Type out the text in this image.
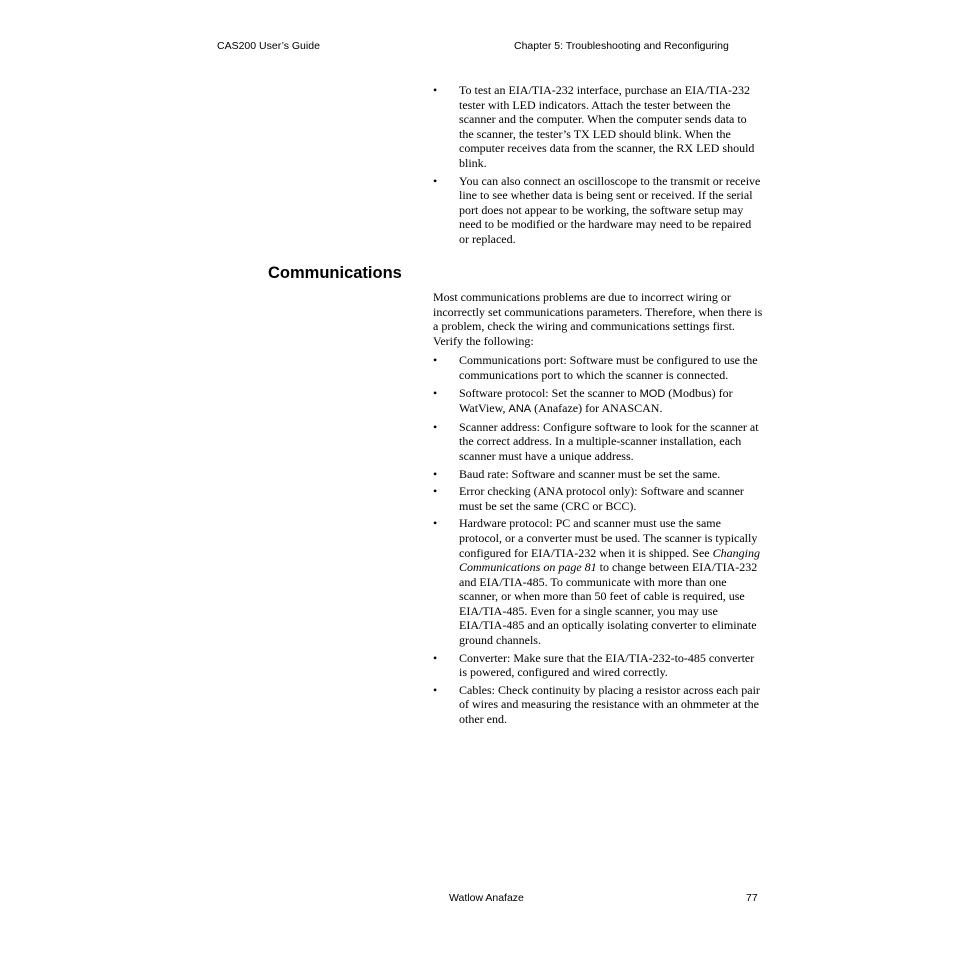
CAS200 User’s Guide	Chapter 5: Troubleshooting and Reconfiguring
• To test an EIA/TIA-232 interface, purchase an EIA/TIA-232 tester with LED indicators. Attach the tester between the scanner and the computer. When the computer sends data to the scanner, the tester’s TX LED should blink. When the computer receives data from the scanner, the RX LED should blink.
• You can also connect an oscilloscope to the transmit or receive line to see whether data is being sent or received. If the serial port does not appear to be working, the software setup may need to be modified or the hardware may need to be repaired or replaced.
Communications
Most communications problems are due to incorrect wiring or incorrectly set communications parameters. Therefore, when there is a problem, check the wiring and communications settings first. Verify the following:
• Communications port: Software must be configured to use the communications port to which the scanner is connected.
• Software protocol: Set the scanner to MOD (Modbus) for WatView, ANA (Anafaze) for ANASCAN.
• Scanner address: Configure software to look for the scanner at the correct address. In a multiple-scanner installation, each scanner must have a unique address.
• Baud rate: Software and scanner must be set the same.
• Error checking (ANA protocol only): Software and scanner must be set the same (CRC or BCC).
• Hardware protocol: PC and scanner must use the same protocol, or a converter must be used. The scanner is typically configured for EIA/TIA-232 when it is shipped. See Changing Communications on page 81 to change between EIA/TIA-232 and EIA/TIA-485. To communicate with more than one scanner, or when more than 50 feet of cable is required, use EIA/TIA-485. Even for a single scanner, you may use EIA/TIA-485 and an optically isolating converter to eliminate ground channels.
• Converter: Make sure that the EIA/TIA-232-to-485 converter is powered, configured and wired correctly.
• Cables: Check continuity by placing a resistor across each pair of wires and measuring the resistance with an ohmmeter at the other end.
Watlow Anafaze	77
